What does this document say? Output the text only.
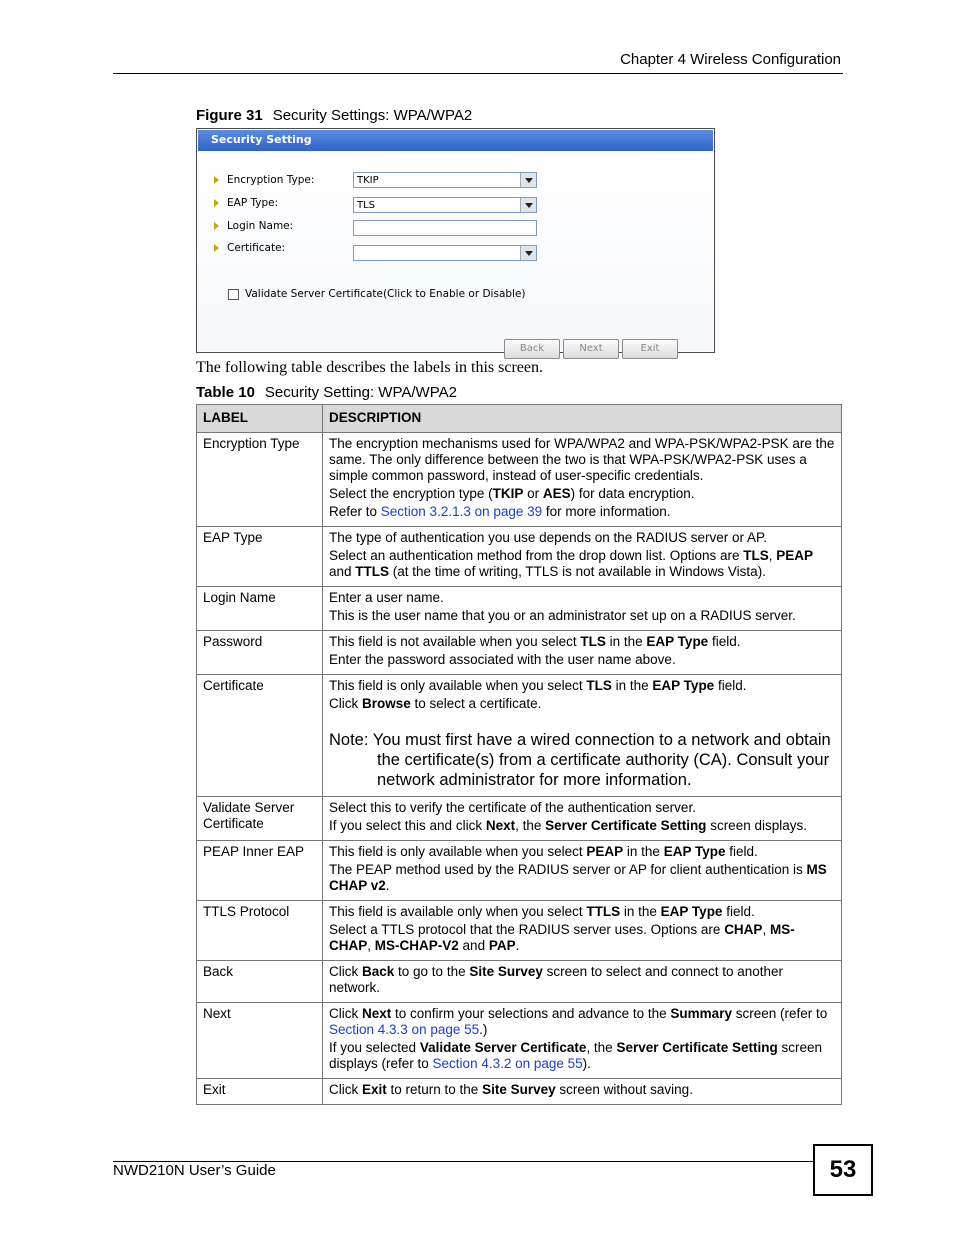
Chapter 4 Wireless Configuration
Figure 31 Security Settings: WPA/WPA2
Security Setting
Encryption Type:	TKIP
EAP Type:	TLS
Login Name:
Certificate:
Validate Server Certificate(Click to Enable or Disable)
Back	Next	Exit
The following table describes the labels in this screen.
Table 10 Security Setting: WPA/WPA2
LABEL	DESCRIPTION
Encryption Type	The encryption mechanisms used for WPA/WPA2 and WPA-PSK/WPA2-PSK are the same. The only difference between the two is that WPA-PSK/WPA2-PSK uses a simple common password, instead of user-specific credentials.

Select the encryption type (TKIP or AES) for data encryption.

Refer to Section 3.2.1.3 on page 39 for more information.

EAP Type	The type of authentication you use depends on the RADIUS server or AP.

Select an authentication method from the drop down list. Options are TLS, PEAP and TTLS (at the time of writing, TTLS is not available in Windows Vista).

Login Name	Enter a user name.

This is the user name that you or an administrator set up on a RADIUS server.

Password	This field is not available when you select TLS in the EAP Type field.

Enter the password associated with the user name above.

Certificate	This field is only available when you select TLS in the EAP Type field.

Click Browse to select a certificate.

Note: You must first have a wired connection to a network and obtain the certificate(s) from a certificate authority (CA). Consult your network administrator for more information.

Validate Server Certificate	Select this to verify the certificate of the authentication server.

If you select this and click Next, the Server Certificate Setting screen displays.

PEAP Inner EAP	This field is only available when you select PEAP in the EAP Type field.

The PEAP method used by the RADIUS server or AP for client authentication is MS CHAP v2.

TTLS Protocol	This field is available only when you select TTLS in the EAP Type field.

Select a TTLS protocol that the RADIUS server uses. Options are CHAP, MS-CHAP, MS-CHAP-V2 and PAP.

Back	Click Back to go to the Site Survey screen to select and connect to another network.

Next	Click Next to confirm your selections and advance to the Summary screen (refer to Section 4.3.3 on page 55.)

If you selected Validate Server Certificate, the Server Certificate Setting screen displays (refer to Section 4.3.2 on page 55).

Exit	Click Exit to return to the Site Survey screen without saving.

NWD210N User’s Guide	53
